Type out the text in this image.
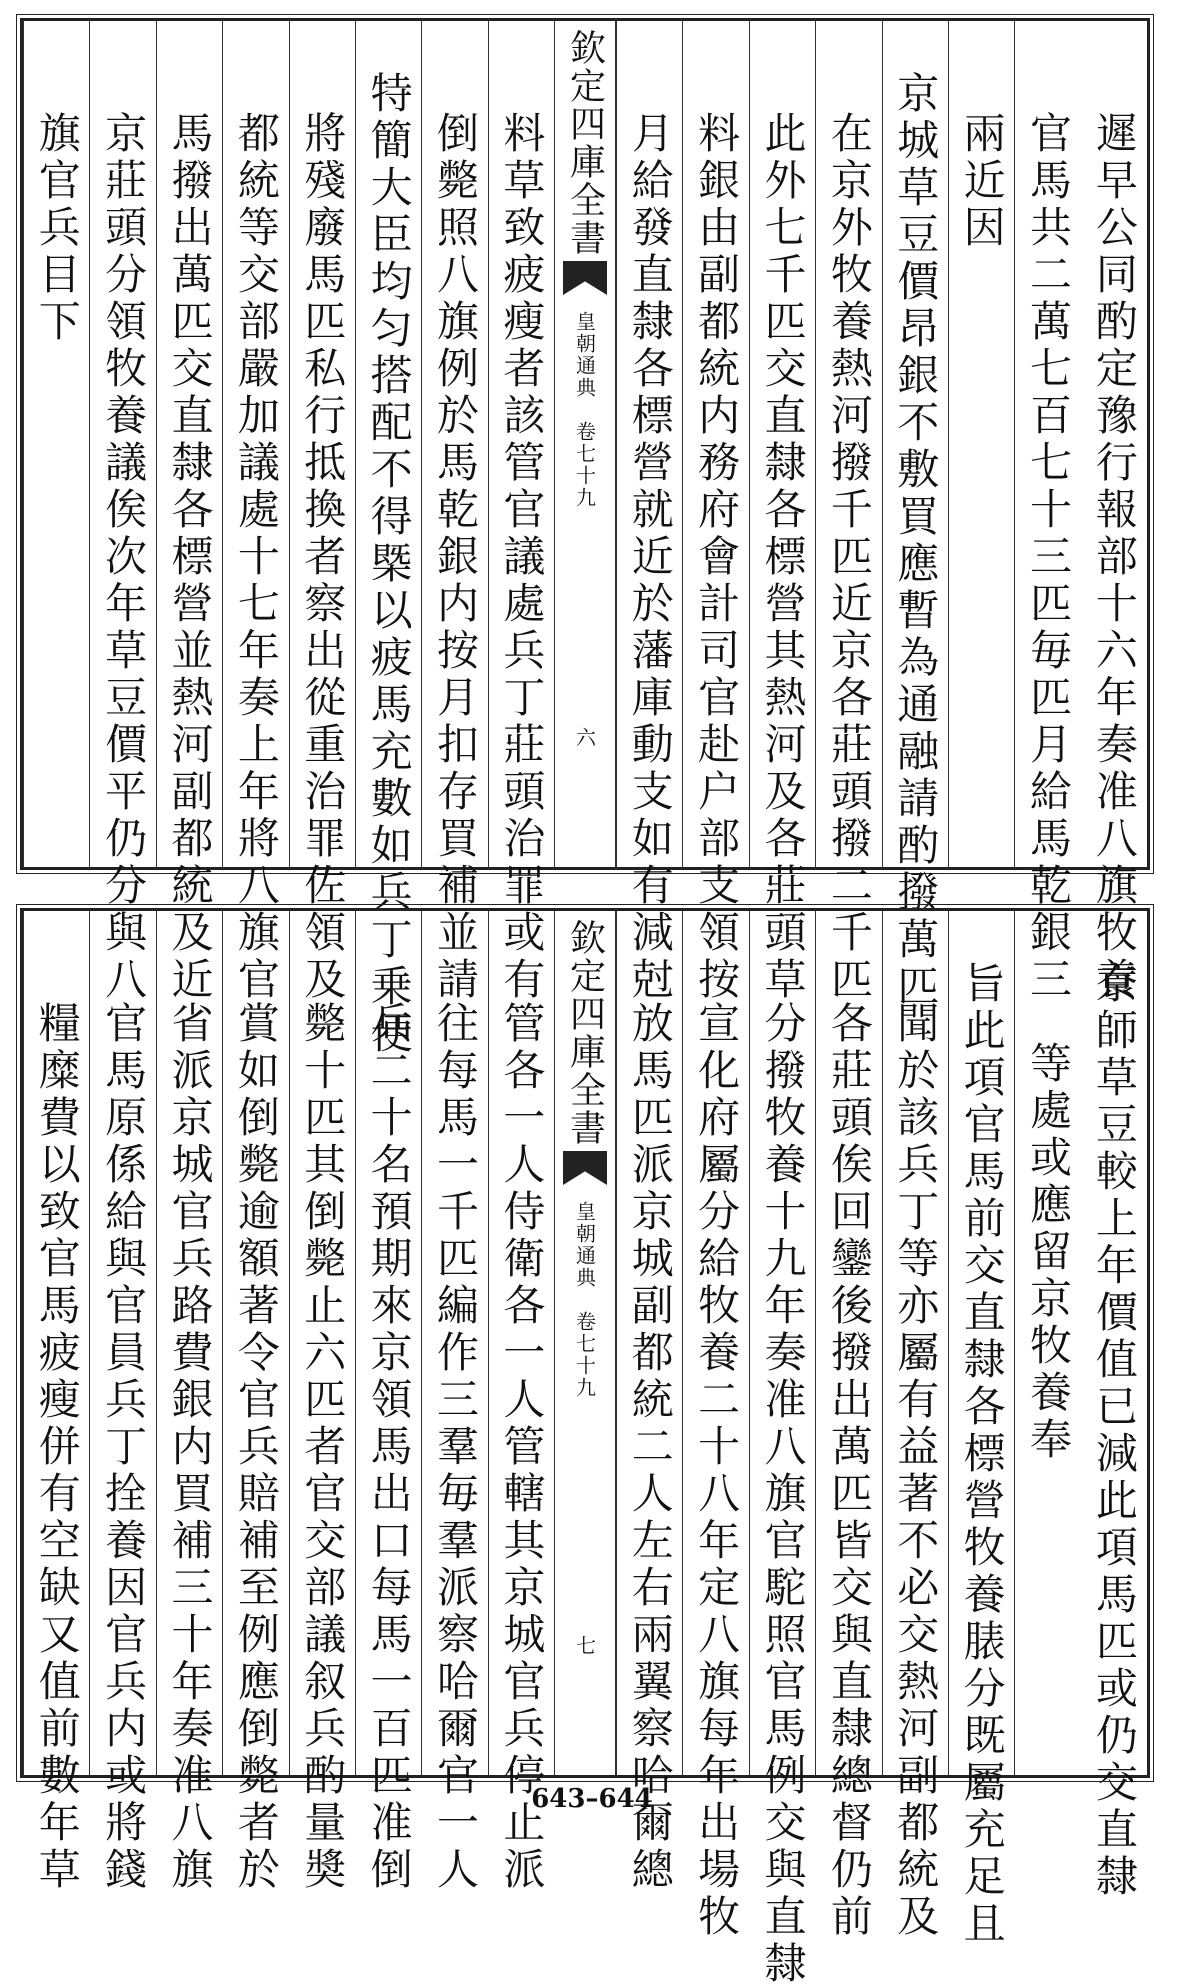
遲早公同酌定豫行報部十六年奏准八旗牧養
官馬共二萬七百七十三匹毎匹月給馬乾銀三
兩近因
京城草豆價昂銀不敷買應暫為通融請酌撥萬匹
在京外牧養熱河撥千匹近京各莊頭撥二千匹
此外七千匹交直隸各標營其熱河及各莊頭草
料銀由副都統内務府會計司官赴户部支領按
月給發直隸各標營就近於藩庫動支如有減尅
料草致疲瘦者該管官議處兵丁莊頭治罪或有
倒斃照八旗例於馬乾銀内按月扣存買補並請
特簡大臣均匀搭配不得槩以疲馬充數如兵丁乗便
將殘廢馬匹私行抵換者察出從重治罪佐領及
都統等交部嚴加議處十七年奏上年將八旗官
馬撥出萬匹交直隸各標營並熱河副都統及近
京莊頭分領牧養議俟次年草豆價平仍分與八
旗官兵目下	欽定四庫全書
皇朝通典　卷七十九
六
京師草豆較上年價值已減此項馬匹或仍交直隸
等處或應留京牧養奉
旨此項官馬前交直隸各標營牧養脿分既屬充足且
聞於該兵丁等亦屬有益著不必交熱河副都統及
各莊頭俟回鑾後撥出萬匹皆交與直隸總督仍前
分撥牧養十九年奏准八旗官駝照官馬例交與直隸
宣化府屬分給牧養二十八年定八旗每年出場牧
放馬匹派京城副都統二人左右兩翼察哈爾總
管各一人侍衛各一人管轄其京城官兵停止派
往每馬一千匹編作三羣毎羣派察哈爾官一人
兵二十名預期來京領馬出口每馬一百匹准倒
斃十匹其倒斃止六匹者官交部議叙兵酌量奬
賞如倒斃逾額著令官兵賠補至例應倒斃者於
省派京城官兵路費銀内買補三十年奏准八旗
官馬原係給與官員兵丁拴養因官兵内或將錢
糧糜費以致官馬疲瘦併有空缺又值前數年草	欽定四庫全書
皇朝通典　卷七十九
七
643–644
